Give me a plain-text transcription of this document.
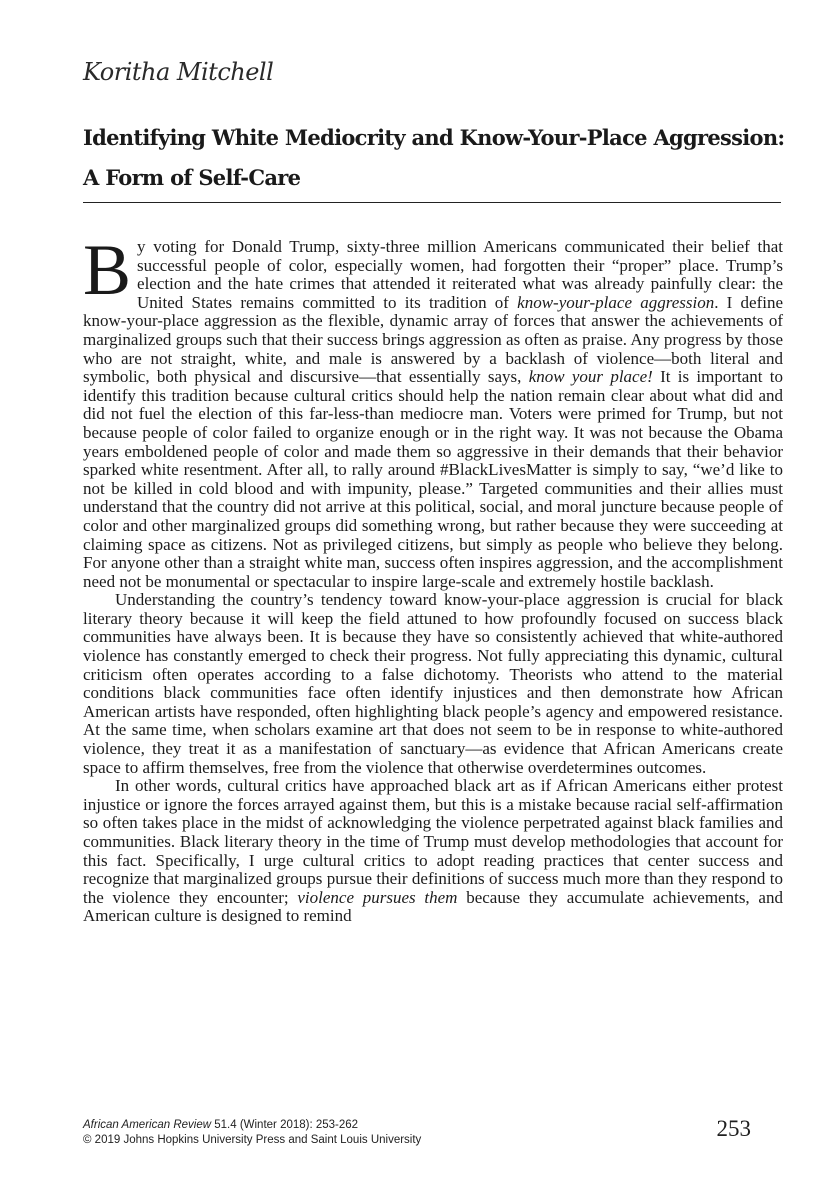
Koritha Mitchell
Identifying White Mediocrity and Know-Your-Place Aggression:
A Form of Self-Care

By voting for Donald Trump, sixty-three million Americans communicated their belief that successful people of color, especially women, had forgotten their “proper” place. Trump’s election and the hate crimes that attended it reiterated what was already painfully clear: the United States remains committed to its tradition of know-your-place aggression. I define know-your-place aggression as the flexible, dynamic array of forces that answer the achievements of marginalized groups such that their success brings aggression as often as praise. Any progress by those who are not straight, white, and male is answered by a backlash of violence—both literal and symbolic, both physical and discursive—that essentially says, know your place! It is important to identify this tradition because cultural critics should help the nation remain clear about what did and did not fuel the election of this far-less-than mediocre man. Voters were primed for Trump, but not because people of color failed to organize enough or in the right way. It was not because the Obama years emboldened people of color and made them so aggressive in their demands that their behavior sparked white resentment. After all, to rally around #BlackLivesMatter is simply to say, “we’d like to not be killed in cold blood and with impunity, please.” Targeted communities and their allies must understand that the country did not arrive at this political, social, and moral juncture because people of color and other marginalized groups did something wrong, but rather because they were succeeding at claiming space as citizens. Not as privileged citizens, but simply as people who believe they belong. For anyone other than a straight white man, success often inspires aggression, and the accomplishment need not be monumental or spectacular to inspire large-scale and extremely hostile backlash.

Understanding the country’s tendency toward know-your-place aggression is crucial for black literary theory because it will keep the field attuned to how profoundly focused on success black communities have always been. It is because they have so consistently achieved that white-authored violence has constantly emerged to check their progress. Not fully appreciating this dynamic, cultural criticism often operates according to a false dichotomy. Theorists who attend to the material conditions black communities face often identify injustices and then demonstrate how African American artists have responded, often highlighting black people’s agency and empowered resistance. At the same time, when scholars examine art that does not seem to be in response to white-authored violence, they treat it as a manifestation of sanctuary—as evidence that African Americans create space to affirm themselves, free from the violence that otherwise overdetermines outcomes.

In other words, cultural critics have approached black art as if African Americans either protest injustice or ignore the forces arrayed against them, but this is a mistake because racial self-affirmation so often takes place in the midst of acknowledging the violence perpetrated against black families and communities. Black literary theory in the time of Trump must develop methodologies that account for this fact. Specifically, I urge cultural critics to adopt reading practices that center success and recognize that marginalized groups pursue their definitions of success much more than they respond to the violence they encounter; violence pursues them because they accumulate achievements, and American culture is designed to remind

African American Review 51.4 (Winter 2018): 253-262
© 2019 Johns Hopkins University Press and Saint Louis University	253
